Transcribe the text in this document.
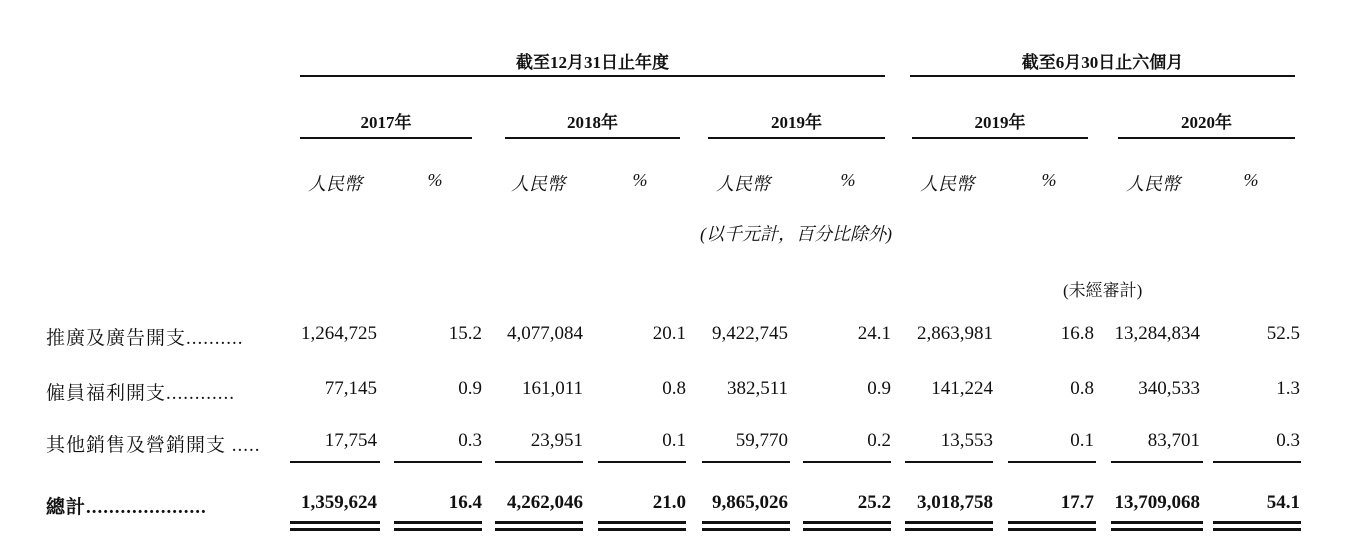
截至12月31日止年度	截至6月30日止六個月
2017年	2018年	2019年	2019年	2020年
人民幣	%	人民幣	%	人民幣	%	人民幣	%	人民幣	%
(以千元計，百分比除外)
(未經審計)
推廣及廣告開支..........	1,264,725	15.2	4,077,084	20.1	9,422,745	24.1	2,863,981	16.8	13,284,834	52.5
僱員福利開支............	77,145	0.9	161,011	0.8	382,511	0.9	141,224	0.8	340,533	1.3
其他銷售及營銷開支 .....	17,754	0.3	23,951	0.1	59,770	0.2	13,553	0.1	83,701	0.3
總計.....................	1,359,624	16.4	4,262,046	21.0	9,865,026	25.2	3,018,758	17.7	13,709,068	54.1
